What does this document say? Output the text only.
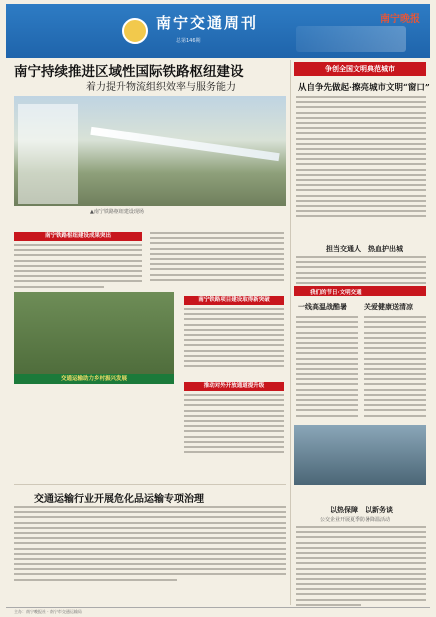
南宁交通周刊
总第146期
南宁晚报
南宁持续推进区域性国际铁路枢纽建设
着力提升物流组织效率与服务能力
▲南宁铁路枢纽建设现场
南宁铁路枢纽建设成果突出
南宁铁路项目建设取得新突破
推动对外开放通道提升级
交通运输助力乡村振兴发展
交通运输行业开展危化品运输专项治理
争创全国文明典范城市
从自争先做起·擦亮城市文明“窗口”
担当交通人　热血护出城
我们的节日·文明交通
一线高温战酷暑 关爱健康送清凉
以热保障　以新务谈
公交企业开展夏季防暑降温活动
主办：南宁晚报社 · 南宁市交通运输局
